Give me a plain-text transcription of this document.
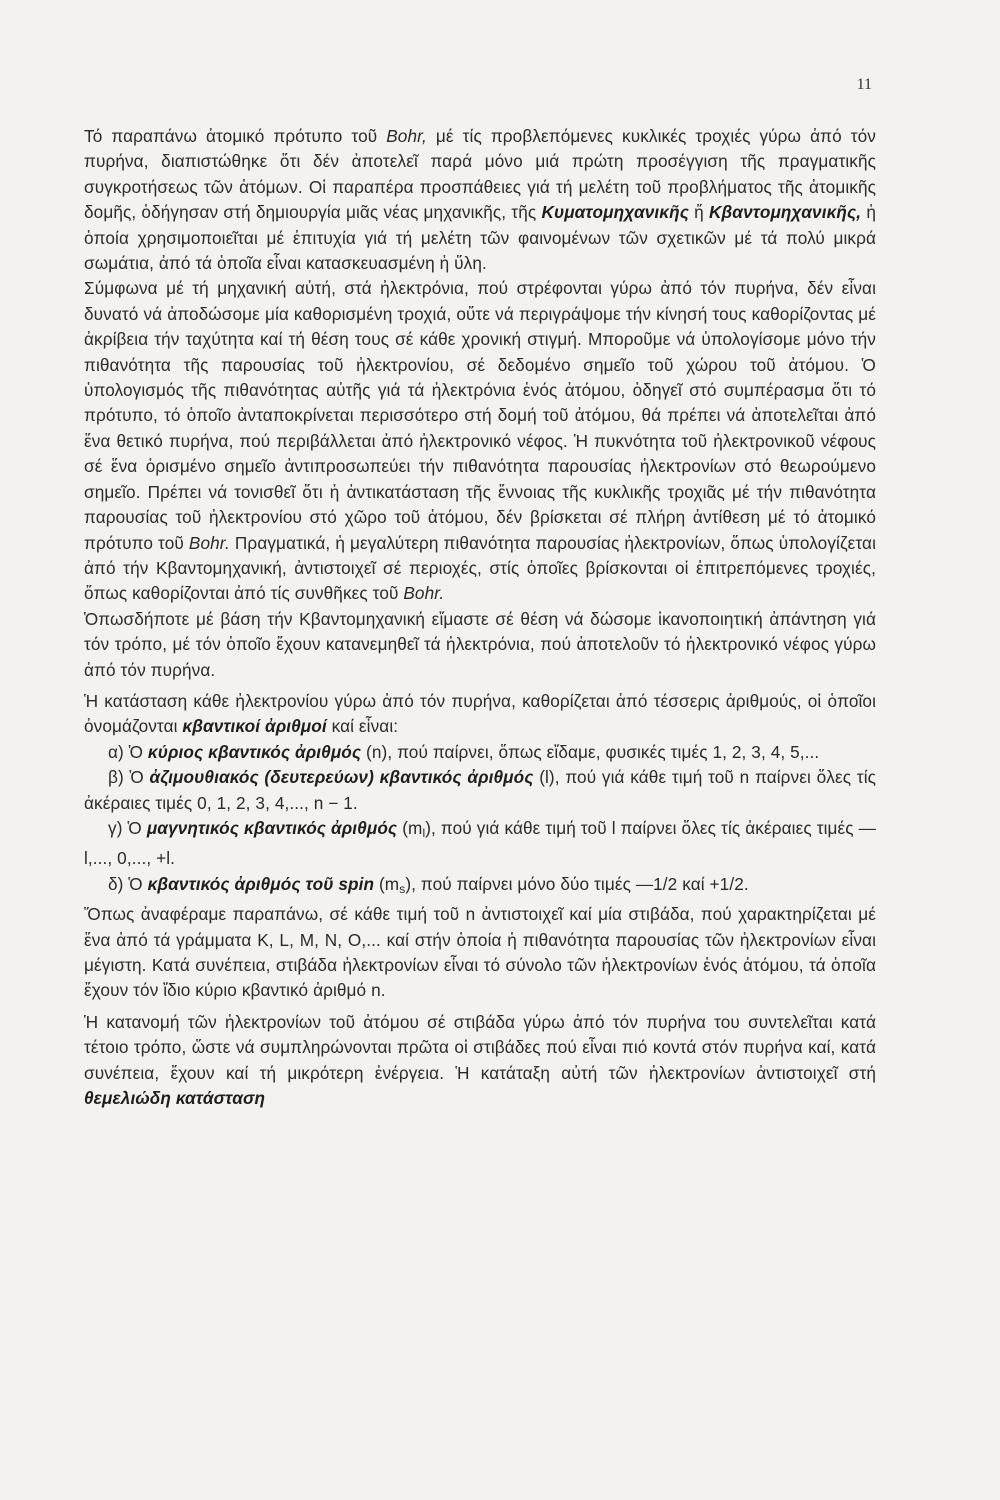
11

Τό παραπάνω ἀτομικό πρότυπο τοῦ Bohr, μέ τίς προβλεπόμενες κυκλικές τροχιές γύρω ἀπό τόν πυρήνα, διαπιστώθηκε ὅτι δέν ἀποτελεῖ παρά μόνο μιά πρώτη προσέγγιση τῆς πραγματικῆς συγκροτήσεως τῶν ἀτόμων. Οἱ παραπέρα προσπάθειες γιά τή μελέτη τοῦ προβλήματος τῆς ἀτομικῆς δομῆς, ὁδήγησαν στή δημιουργία μιᾶς νέας μηχανικῆς, τῆς Κυματομηχανικῆς ἤ Κβαντομηχανικῆς, ἡ ὁποία χρησιμοποιεῖται μέ ἐπιτυχία γιά τή μελέτη τῶν φαινομένων τῶν σχετικῶν μέ τά πολύ μικρά σωμάτια, ἀπό τά ὁποῖα εἶναι κατασκευασμένη ἡ ὕλη.

Σύμφωνα μέ τή μηχανική αὐτή, στά ἠλεκτρόνια, πού στρέφονται γύρω ἀπό τόν πυρήνα, δέν εἶναι δυνατό νά ἀποδώσομε μία καθορισμένη τροχιά, οὔτε νά περιγράψομε τήν κίνησή τους καθορίζοντας μέ ἀκρίβεια τήν ταχύτητα καί τή θέση τους σέ κάθε χρονική στιγμή. Μποροῦμε νά ὑπολογίσομε μόνο τήν πιθανότητα τῆς παρουσίας τοῦ ἠλεκτρονίου, σέ δεδομένο σημεῖο τοῦ χώρου τοῦ ἀτόμου. Ὁ ὑπολογισμός τῆς πιθανότητας αὐτῆς γιά τά ἠλεκτρόνια ἑνός ἀτόμου, ὁδηγεῖ στό συμπέρασμα ὅτι τό πρότυπο, τό ὁποῖο ἀνταποκρίνεται περισσότερο στή δομή τοῦ ἀτόμου, θά πρέπει νά ἀποτελεῖται ἀπό ἕνα θετικό πυρήνα, πού περιβάλλεται ἀπό ἠλεκτρονικό νέφος. Ἡ πυκνότητα τοῦ ἠλεκτρονικοῦ νέφους σέ ἕνα ὁρισμένο σημεῖο ἀντιπροσωπεύει τήν πιθανότητα παρουσίας ἠλεκτρονίων στό θεωρούμενο σημεῖο. Πρέπει νά τονισθεῖ ὅτι ἡ ἀντικατάσταση τῆς ἔννοιας τῆς κυκλικῆς τροχιᾶς μέ τήν πιθανότητα παρουσίας τοῦ ἠλεκτρονίου στό χῶρο τοῦ ἀτόμου, δέν βρίσκεται σέ πλήρη ἀντίθεση μέ τό ἀτομικό πρότυπο τοῦ Bohr. Πραγματικά, ἡ μεγαλύτερη πιθανότητα παρουσίας ἠλεκτρονίων, ὅπως ὑπολογίζεται ἀπό τήν Κβαντομηχανική, ἀντιστοιχεῖ σέ περιοχές, στίς ὁποῖες βρίσκονται οἱ ἐπιτρεπόμενες τροχιές, ὅπως καθορίζονται ἀπό τίς συνθῆκες τοῦ Bohr.

Ὁπωσδήποτε μέ βάση τήν Κβαντομηχανική εἴμαστε σέ θέση νά δώσομε ἱκανοποιητική ἀπάντηση γιά τόν τρόπο, μέ τόν ὁποῖο ἔχουν κατανεμηθεῖ τά ἠλεκτρόνια, πού ἀποτελοῦν τό ἠλεκτρονικό νέφος γύρω ἀπό τόν πυρήνα.

Ἡ κατάσταση κάθε ἠλεκτρονίου γύρω ἀπό τόν πυρήνα, καθορίζεται ἀπό τέσσερις ἀριθμούς, οἱ ὁποῖοι ὀνομάζονται κβαντικοί ἀριθμοί καί εἶναι:

α) Ὁ κύριος κβαντικός ἀριθμός (n), πού παίρνει, ὅπως εἴδαμε, φυσικές τιμές 1, 2, 3, 4, 5,...

β) Ὁ ἀζιμουθιακός (δευτερεύων) κβαντικός ἀριθμός (l), πού γιά κάθε τιμή τοῦ n παίρνει ὅλες τίς ἀκέραιες τιμές 0, 1, 2, 3, 4,..., n − 1.

γ) Ὁ μαγνητικός κβαντικός ἀριθμός $(m_l)$, πού γιά κάθε τιμή τοῦ l παίρνει ὅλες τίς ἀκέραιες τιμές —l,..., 0,..., +l.

δ) Ὁ κβαντικός ἀριθμός τοῦ spin $(m_s)$, πού παίρνει μόνο δύο τιμές —1/2 καί +1/2.

Ὅπως ἀναφέραμε παραπάνω, σέ κάθε τιμή τοῦ n ἀντιστοιχεῖ καί μία στιβάδα, πού χαρακτηρίζεται μέ ἕνα ἀπό τά γράμματα K, L, M, N, O,... καί στήν ὁποία ἡ πιθανότητα παρουσίας τῶν ἠλεκτρονίων εἶναι μέγιστη. Κατά συνέπεια, στιβάδα ἠλεκτρονίων εἶναι τό σύνολο τῶν ἠλεκτρονίων ἑνός ἀτόμου, τά ὁποῖα ἔχουν τόν ἴδιο κύριο κβαντικό ἀριθμό n.

Ἡ κατανομή τῶν ἠλεκτρονίων τοῦ ἀτόμου σέ στιβάδα γύρω ἀπό τόν πυρήνα του συντελεῖται κατά τέτοιο τρόπο, ὥστε νά συμπληρώνονται πρῶτα οἱ στιβάδες πού εἶναι πιό κοντά στόν πυρήνα καί, κατά συνέπεια, ἔχουν καί τή μικρότερη ἐνέργεια. Ἡ κατάταξη αὐτή τῶν ἠλεκτρονίων ἀντιστοιχεῖ στή θεμελιώδη κατάσταση
